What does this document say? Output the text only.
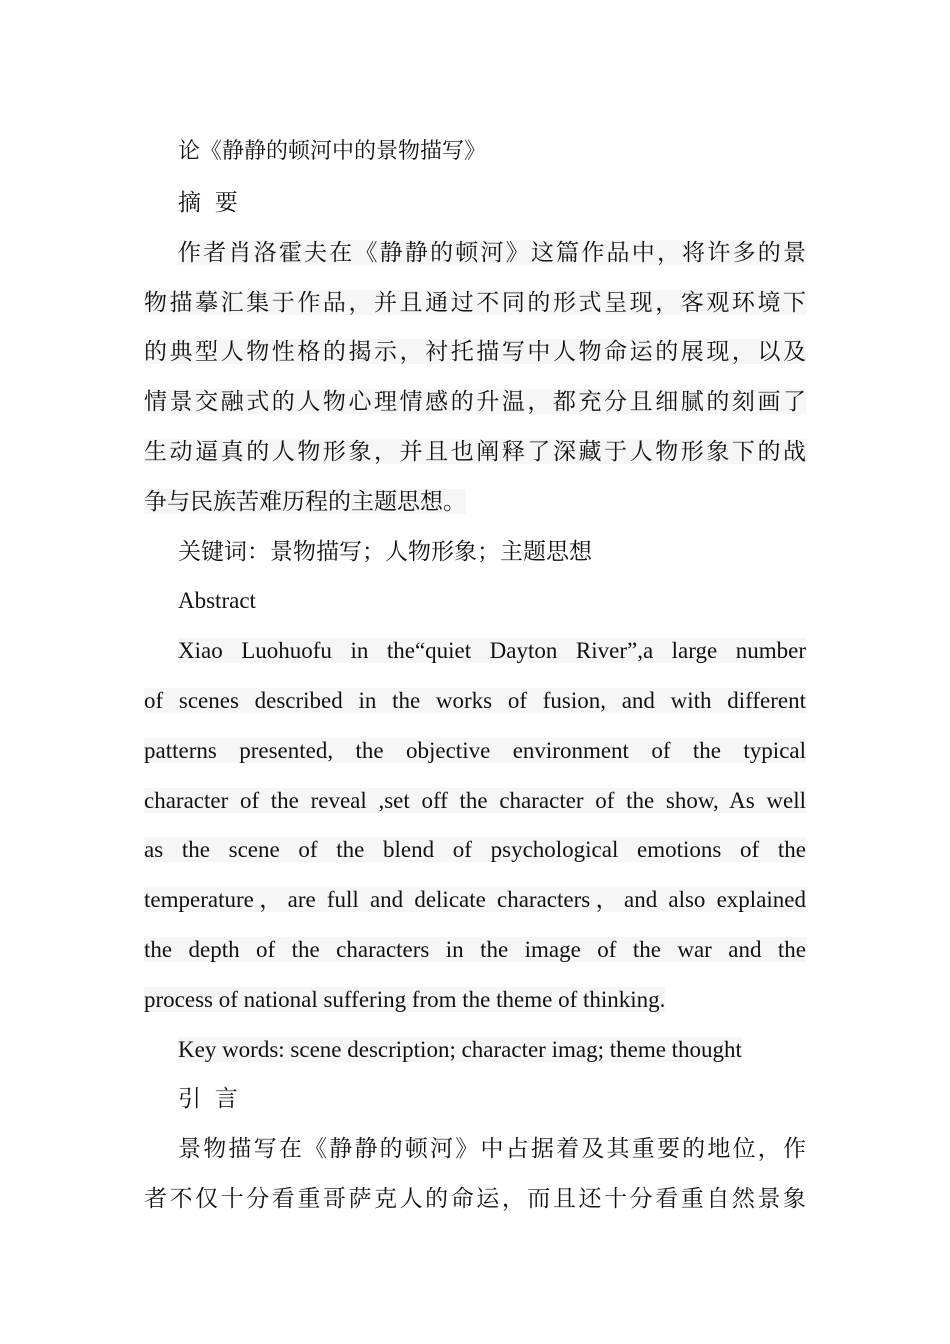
论《静静的顿河中的景物描写》
摘 要
作者肖洛霍夫在《静静的顿河》这篇作品中，将许多的景
物描摹汇集于作品，并且通过不同的形式呈现，客观环境下
的典型人物性格的揭示，衬托描写中人物命运的展现，以及
情景交融式的人物心理情感的升温，都充分且细腻的刻画了
生动逼真的人物形象，并且也阐释了深藏于人物形象下的战
争与民族苦难历程的主题思想。
关键词：景物描写；人物形象；主题思想
Abstract
Xiao Luohuofu in the“quiet Dayton River”,a large number
of scenes described in the works of fusion, and with different
patterns presented, the objective environment of the typical
character of the reveal ,set off the character of the show, As well
as the scene of the blend of psychological emotions of the
temperature，are full and delicate characters，and also explained
the depth of the characters in the image of the war and the
process of national suffering from the theme of thinking.
Key words: scene description; character imag; theme thought
引 言
景物描写在《静静的顿河》中占据着及其重要的地位，作
者不仅十分看重哥萨克人的命运，而且还十分看重自然景象
